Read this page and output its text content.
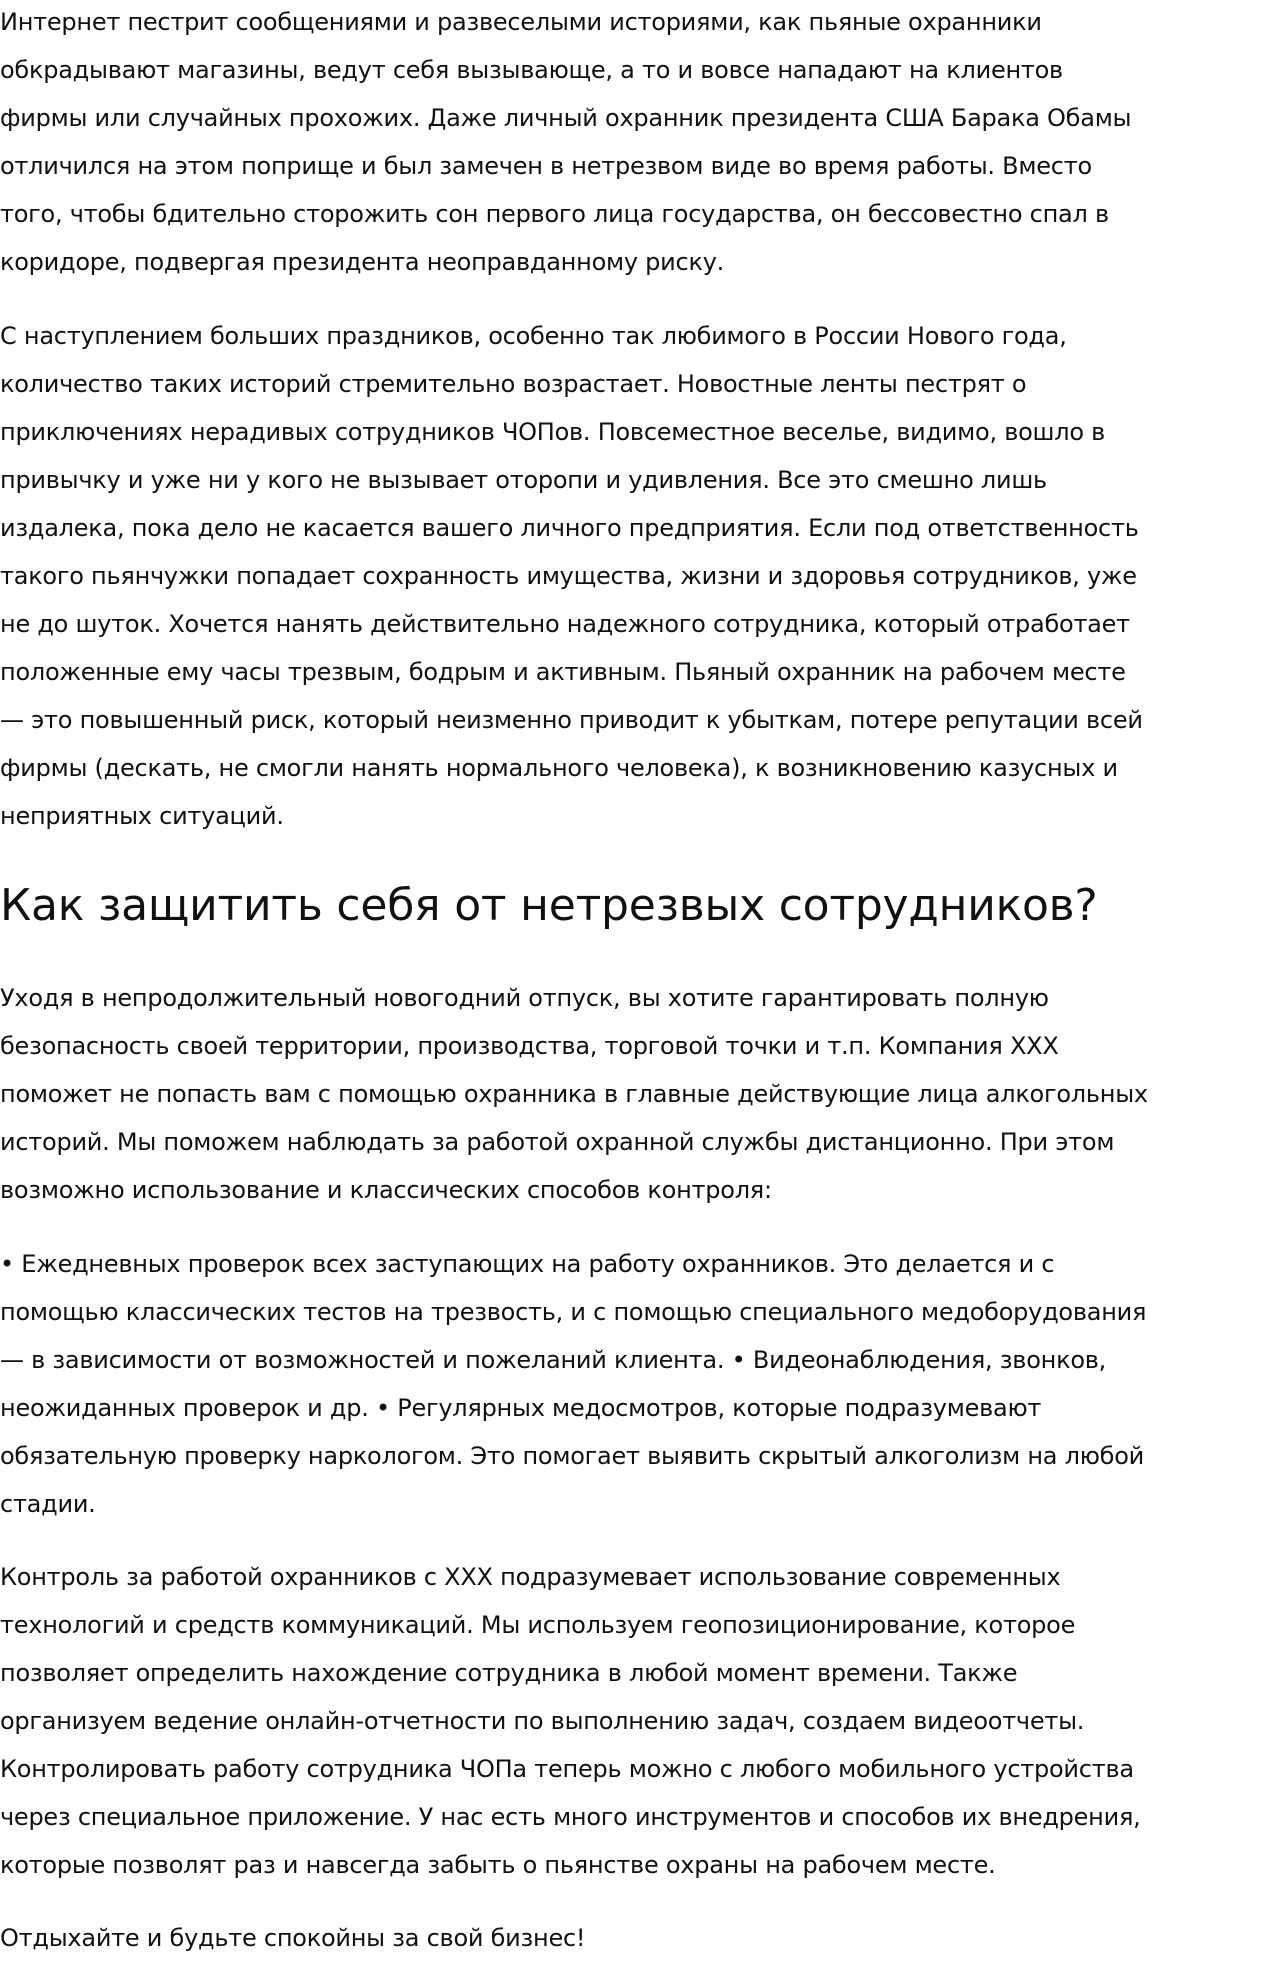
Интернет пестрит сообщениями и развеселыми историями, как пьяные охранники
обкрадывают магазины, ведут себя вызывающе, а то и вовсе нападают на клиентов
фирмы или случайных прохожих. Даже личный охранник президента США Барака Обамы
отличился на этом поприще и был замечен в нетрезвом виде во время работы. Вместо
того, чтобы бдительно сторожить сон первого лица государства, он бессовестно спал в
коридоре, подвергая президента неоправданному риску.

С наступлением больших праздников, особенно так любимого в России Нового года,
количество таких историй стремительно возрастает. Новостные ленты пестрят о
приключениях нерадивых сотрудников ЧОПов. Повсеместное веселье, видимо, вошло в
привычку и уже ни у кого не вызывает оторопи и удивления. Все это смешно лишь
издалека, пока дело не касается вашего личного предприятия. Если под ответственность
такого пьянчужки попадает сохранность имущества, жизни и здоровья сотрудников, уже
не до шуток. Хочется нанять действительно надежного сотрудника, который отработает
положенные ему часы трезвым, бодрым и активным. Пьяный охранник на рабочем месте
— это повышенный риск, который неизменно приводит к убыткам, потере репутации всей
фирмы (дескать, не смогли нанять нормального человека), к возникновению казусных и
неприятных ситуаций.

Как защитить себя от нетрезвых сотрудников?

Уходя в непродолжительный новогодний отпуск, вы хотите гарантировать полную
безопасность своей территории, производства, торговой точки и т.п. Компания XXX
поможет не попасть вам с помощью охранника в главные действующие лица алкогольных
историй. Мы поможем наблюдать за работой охранной службы дистанционно. При этом
возможно использование и классических способов контроля:

• Ежедневных проверок всех заступающих на работу охранников. Это делается и с
помощью классических тестов на трезвость, и с помощью специального медоборудования
— в зависимости от возможностей и пожеланий клиента. • Видеонаблюдения, звонков,
неожиданных проверок и др. • Регулярных медосмотров, которые подразумевают
обязательную проверку наркологом. Это помогает выявить скрытый алкоголизм на любой
стадии.

Контроль за работой охранников с XXX подразумевает использование современных
технологий и средств коммуникаций. Мы используем геопозиционирование, которое
позволяет определить нахождение сотрудника в любой момент времени. Также
организуем ведение онлайн-отчетности по выполнению задач, создаем видеоотчеты.
Контролировать работу сотрудника ЧОПа теперь можно с любого мобильного устройства
через специальное приложение. У нас есть много инструментов и способов их внедрения,
которые позволят раз и навсегда забыть о пьянстве охраны на рабочем месте.

Отдыхайте и будьте спокойны за свой бизнес!
